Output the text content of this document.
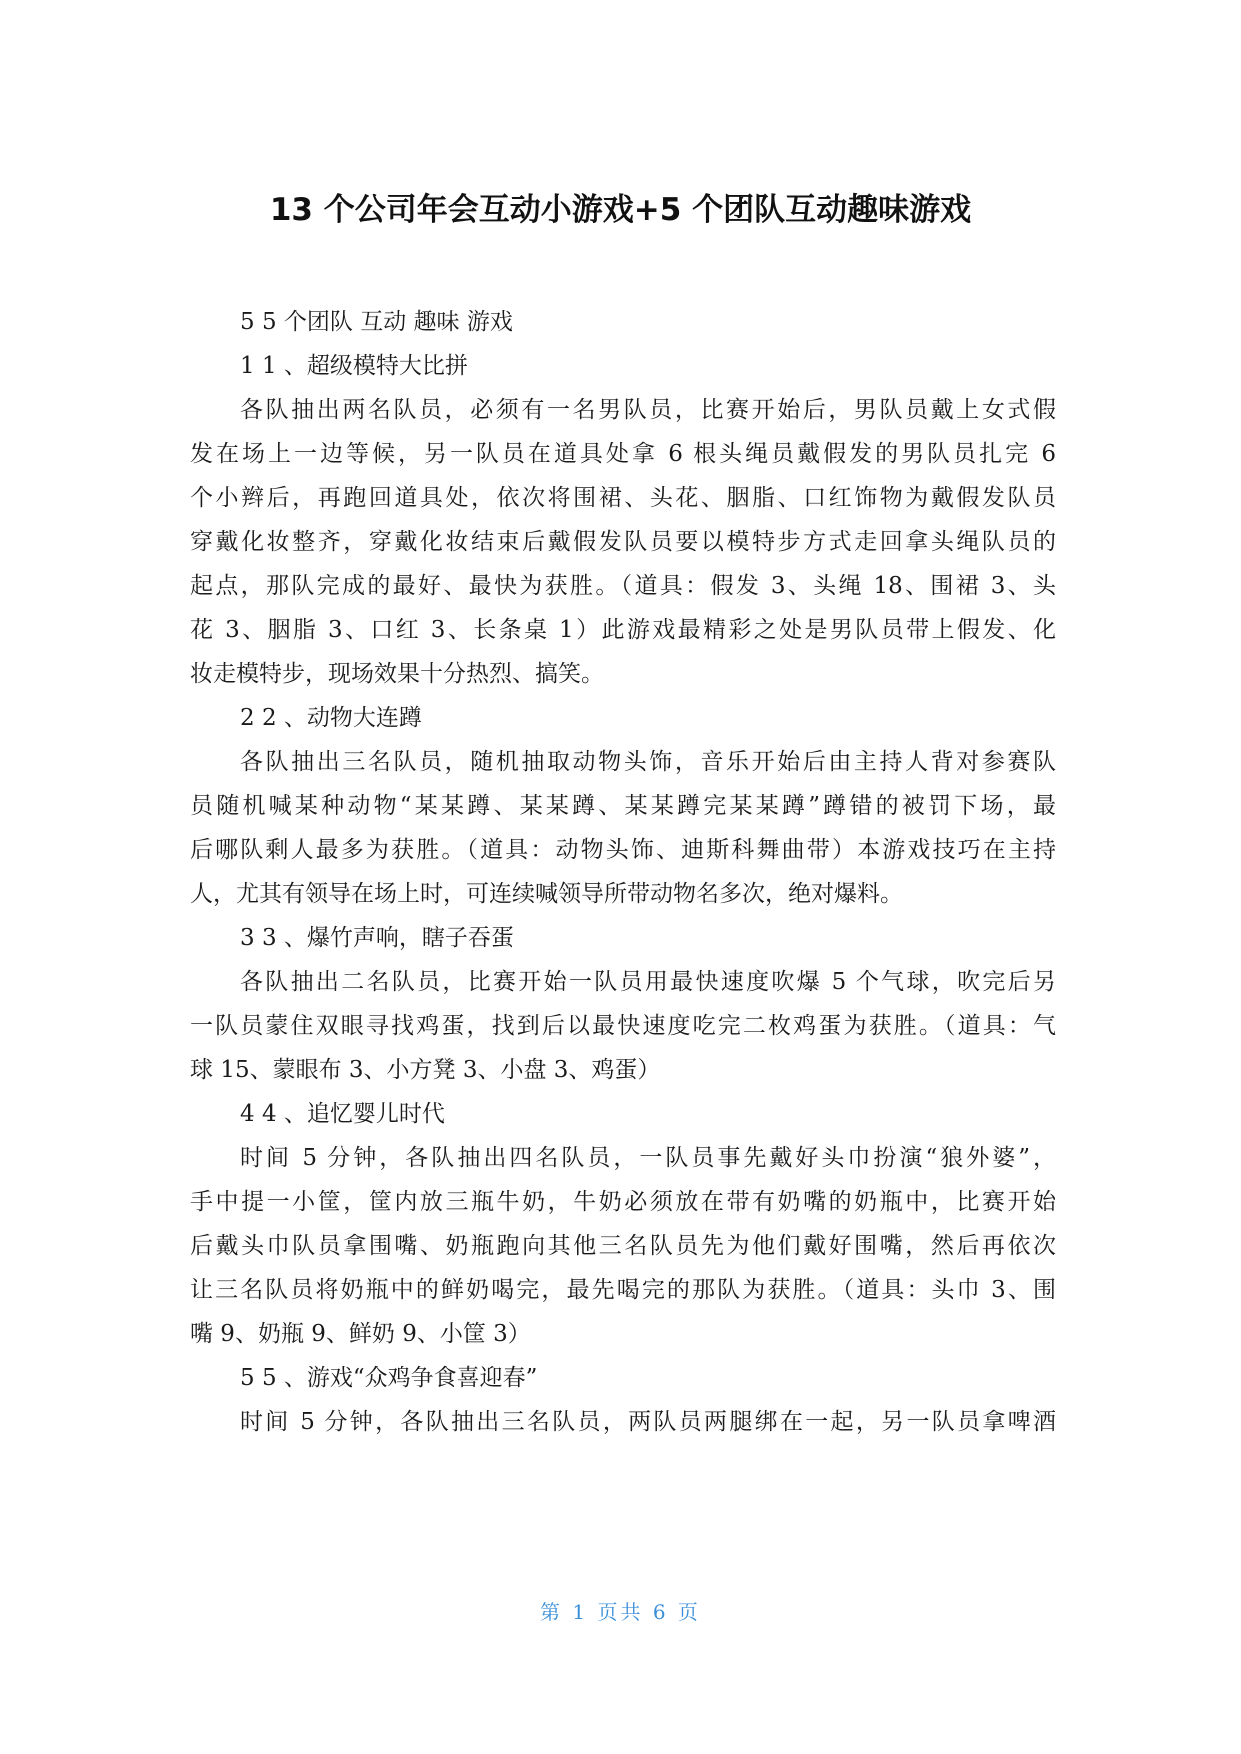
13 个公司年会互动小游戏+5 个团队互动趣味游戏
5 5 个团队 互动 趣味 游戏
1 1 、超级模特大比拼
各队抽出两名队员，必须有一名男队员，比赛开始后，男队员戴上女式假
发在场上一边等候，另一队员在道具处拿 6 根头绳员戴假发的男队员扎完 6
个小辫后，再跑回道具处，依次将围裙、头花、胭脂、口红饰物为戴假发队员
穿戴化妆整齐，穿戴化妆结束后戴假发队员要以模特步方式走回拿头绳队员的
起点，那队完成的最好、最快为获胜。（道具：假发 3、头绳 18、围裙 3、头
花 3、胭脂 3、口红 3、长条桌 1）此游戏最精彩之处是男队员带上假发、化
妆走模特步，现场效果十分热烈、搞笑。
2 2 、动物大连蹲
各队抽出三名队员，随机抽取动物头饰，音乐开始后由主持人背对参赛队
员随机喊某种动物“某某蹲、某某蹲、某某蹲完某某蹲”蹲错的被罚下场，最
后哪队剩人最多为获胜。（道具：动物头饰、迪斯科舞曲带）本游戏技巧在主持
人，尤其有领导在场上时，可连续喊领导所带动物名多次，绝对爆料。
3 3 、爆竹声响，瞎子吞蛋
各队抽出二名队员，比赛开始一队员用最快速度吹爆 5 个气球，吹完后另
一队员蒙住双眼寻找鸡蛋，找到后以最快速度吃完二枚鸡蛋为获胜。（道具：气
球 15、蒙眼布 3、小方凳 3、小盘 3、鸡蛋）
4 4 、追忆婴儿时代
时间 5 分钟，各队抽出四名队员，一队员事先戴好头巾扮演“狼外婆”，
手中提一小筐，筐内放三瓶牛奶，牛奶必须放在带有奶嘴的奶瓶中，比赛开始
后戴头巾队员拿围嘴、奶瓶跑向其他三名队员先为他们戴好围嘴，然后再依次
让三名队员将奶瓶中的鲜奶喝完，最先喝完的那队为获胜。（道具：头巾 3、围
嘴 9、奶瓶 9、鲜奶 9、小筐 3）
5 5 、游戏“众鸡争食喜迎春”
时间 5 分钟，各队抽出三名队员，两队员两腿绑在一起，另一队员拿啤酒
第 1 页共 6 页
